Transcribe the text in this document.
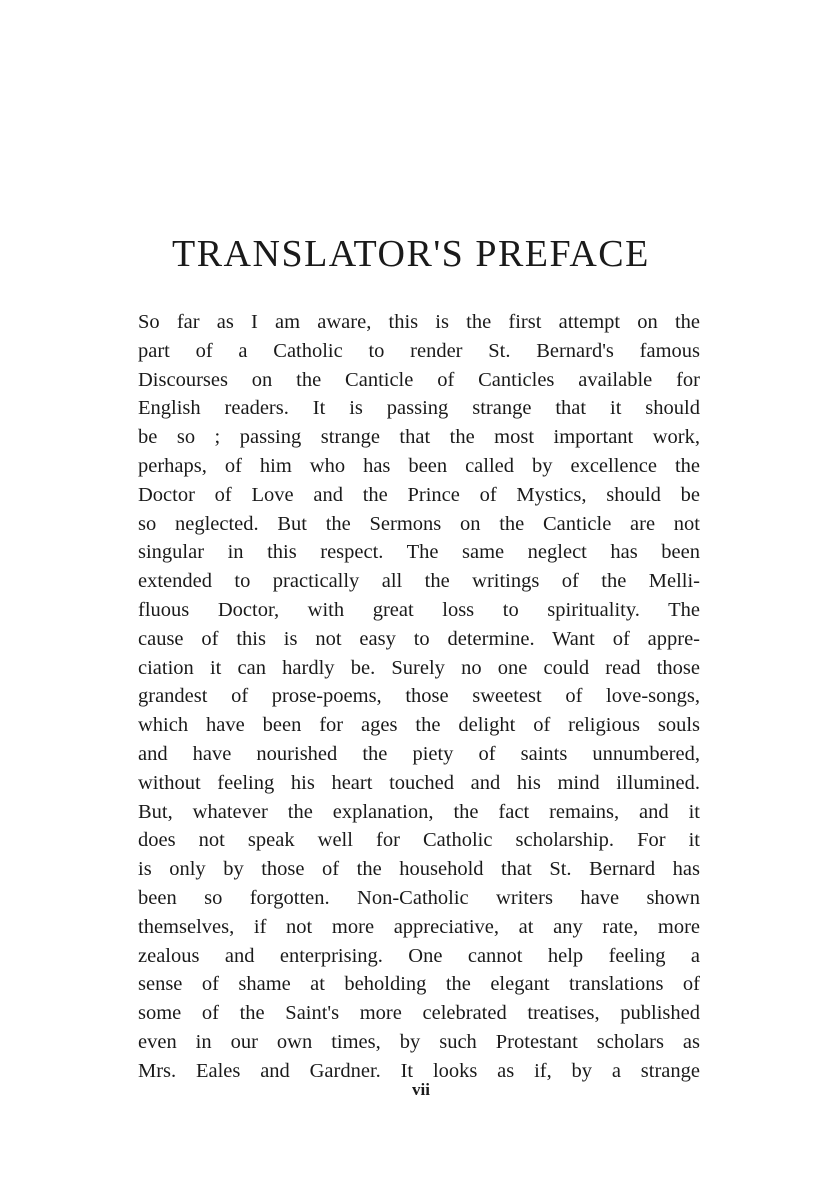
TRANSLATOR'S PREFACE
So far as I am aware, this is the first attempt on the
part of a Catholic to render St. Bernard's famous
Discourses on the Canticle of Canticles available for
English readers. It is passing strange that it should
be so ; passing strange that the most important work,
perhaps, of him who has been called by excellence the
Doctor of Love and the Prince of Mystics, should be
so neglected. But the Sermons on the Canticle are not
singular in this respect. The same neglect has been
extended to practically all the writings of the Melli-
fluous Doctor, with great loss to spirituality. The
cause of this is not easy to determine. Want of appre-
ciation it can hardly be. Surely no one could read those
grandest of prose-poems, those sweetest of love-songs,
which have been for ages the delight of religious souls
and have nourished the piety of saints unnumbered,
without feeling his heart touched and his mind illumined.
But, whatever the explanation, the fact remains, and it
does not speak well for Catholic scholarship. For it
is only by those of the household that St. Bernard has
been so forgotten. Non-Catholic writers have shown
themselves, if not more appreciative, at any rate, more
zealous and enterprising. One cannot help feeling a
sense of shame at beholding the elegant translations of
some of the Saint's more celebrated treatises, published
even in our own times, by such Protestant scholars as
Mrs. Eales and Gardner. It looks as if, by a strange
vii
